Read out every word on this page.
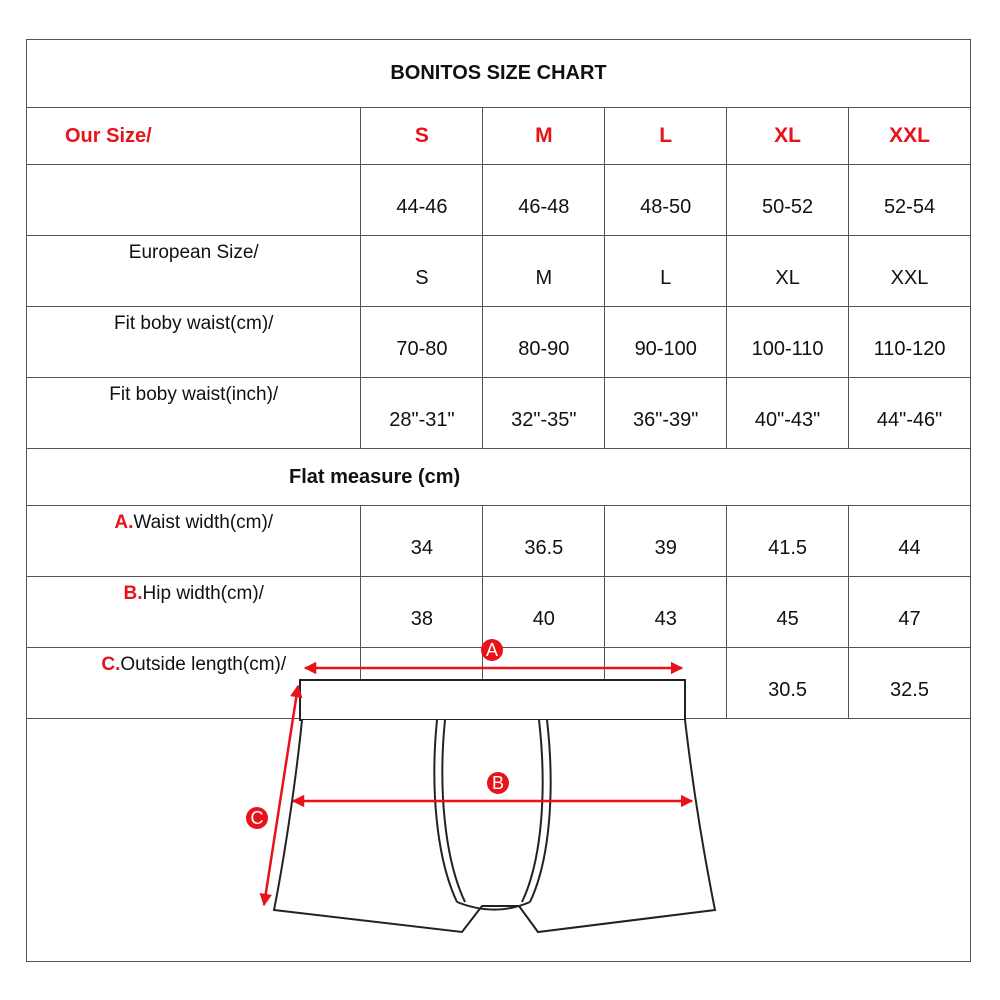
BONITOS SIZE CHART					
Our Size/	S	M	L	XL	XXL
	44-46	46-48	48-50	50-52	52-54
European Size/	S	M	L	XL	XXL
Fit boby waist(cm)/	70-80	80-90	90-100	100-110	110-120
Fit boby waist(inch)/	28"-31"	32"-35"	36"-39"	40"-43"	44"-46"
Flat measure (cm)					
A.Waist width(cm)/	34	36.5	39	41.5	44
B.Hip width(cm)/	38	40	43	45	47
C.Outside length(cm)/				30.5	32.5
A
B
C
